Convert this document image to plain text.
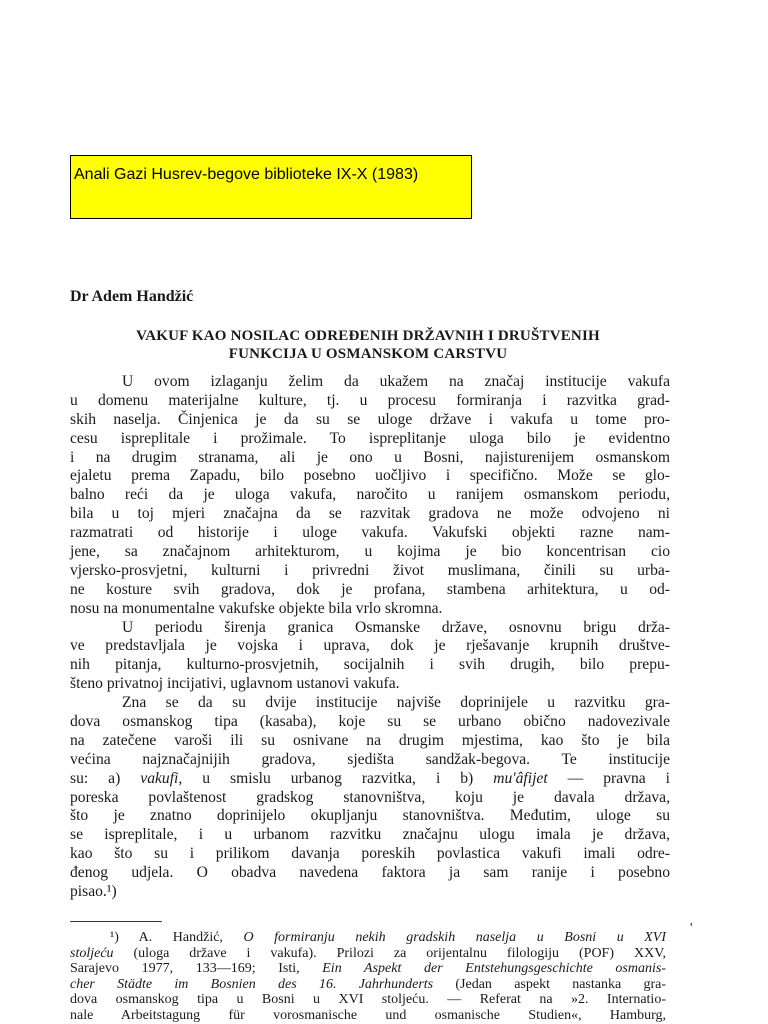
Anali Gazi Husrev-begove biblioteke IX-X (1983)
Dr Adem Handžić
VAKUF KAO NOSILAC ODREĐENIH DRŽAVNIH I DRUŠTVENIH
FUNKCIJA U OSMANSKOM CARSTVU
U ovom izlaganju želim da ukažem na značaj institucije vakufa
u domenu materijalne kulture, tj. u procesu formiranja i razvitka grad-
skih naselja. Činjenica je da su se uloge države i vakufa u tome pro-
cesu ispreplitale i prožimale. To ispreplitanje uloga bilo je evidentno
i na drugim stranama, ali je ono u Bosni, najisturenijem osmanskom
ejaletu prema Zapadu, bilo posebno uočljivo i specifično. Može se glo-
balno reći da je uloga vakufa, naročito u ranijem osmanskom periodu,
bila u toj mjeri značajna da se razvitak gradova ne može odvojeno ni
razmatrati od historije i uloge vakufa. Vakufski objekti razne nam-
jene, sa značajnom arhitekturom, u kojima je bio koncentrisan cio
vjersko-prosvjetni, kulturni i privredni život muslimana, činili su urba-
ne kosture svih gradova, dok je profana, stambena arhitektura, u od-
nosu na monumentalne vakufske objekte bila vrlo skromna.
U periodu širenja granica Osmanske države, osnovnu brigu drža-
ve predstavljala je vojska i uprava, dok je rješavanje krupnih društve-
nih pitanja, kulturno-prosvjetnih, socijalnih i svih drugih, bilo prepu-
šteno privatnoj incijativi, uglavnom ustanovi vakufa.
Zna se da su dvije institucije najviše doprinijele u razvitku gra-
dova osmanskog tipa (kasaba), koje su se urbano obično nadovezivale
na zatečene varoši ili su osnivane na drugim mjestima, kao što je bila
većina najznačajnijih gradova, sjedišta sandžak-begova. Te institucije
su: a) vakufi, u smislu urbanog razvitka, i b) mu'âfijet — pravna i
poreska povlaštenost gradskog stanovništva, koju je davala država,
što je znatno doprinijelo okupljanju stanovništva. Međutim, uloge su
se ispreplitale, i u urbanom razvitku značajnu ulogu imala je država,
kao što su i prilikom davanja poreskih povlastica vakufi imali odre-
đenog udjela. O obadva navedena faktora ja sam ranije i posebno
pisao.¹)
¹) A. Handžić, O formiranju nekih gradskih naselja u Bosni u XVI
stoljeću (uloga države i vakufa). Prilozi za orijentalnu filologiju (POF) XXV,
Sarajevo 1977, 133—169; Isti, Ein Aspekt der Entstehungsgeschichte osmanis-
cher Städte im Bosnien des 16. Jahrhunderts (Jedan aspekt nastanka gra-
dova osmanskog tipa u Bosni u XVI stoljeću. — Referat na »2. Internatio-
nale Arbeitstagung für vorosmanische und osmanische Studien«, Hamburg,
'
